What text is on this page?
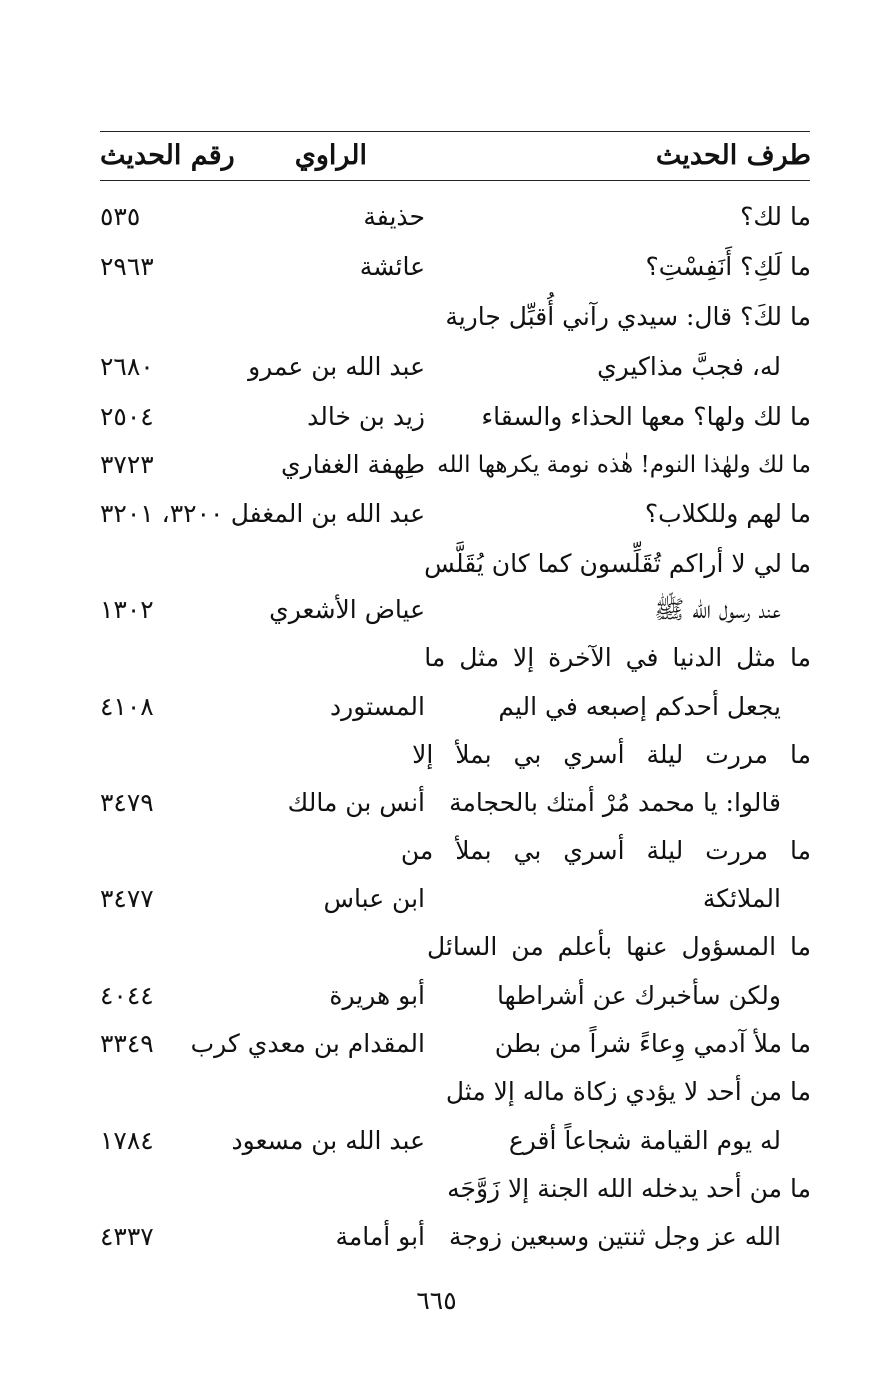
طرف الحديث
الراوي
رقم الحديث
ما لك؟
حذيفة
٥٣٥
ما لَكِ؟ أَنَفِسْتِ؟
عائشة
٢٩٦٣
ما لكَ؟ قال: سيدي رآني أُقبِّل جارية
له، فجبَّ مذاكيري
عبد الله بن عمرو
٢٦٨٠
ما لك ولها؟ معها الحذاء والسقاء
زيد بن خالد
٢٥٠٤
ما لك ولهٰذا النوم! هٰذه نومة يكرهها الله
طِهفة الغفاري
٣٧٢٣
ما لهم وللكلاب؟
عبد الله بن المغفل
٣٢٠٠، ٣٢٠١
ما لي لا أراكم تُقَلِّسون كما كان يُقَلَّس
عند رسول الله ﷺ
عياض الأشعري
١٣٠٢
ما مثل الدنيا في الآخرة إلا مثل ما
يجعل أحدكم إصبعه في اليم
المستورد
٤١٠٨
ما مررت ليلة أسري بي بملأ إلا
قالوا: يا محمد مُرْ أمتك بالحجامة
أنس بن مالك
٣٤٧٩
ما مررت ليلة أسري بي بملأ من
الملائكة
ابن عباس
٣٤٧٧
ما المسؤول عنها بأعلم من السائل
ولكن سأخبرك عن أشراطها
أبو هريرة
٤٠٤٤
ما ملأ آدمي وِعاءً شراً من بطن
المقدام بن معدي كرب
٣٣٤٩
ما من أحد لا يؤدي زكاة ماله إلا مثل
له يوم القيامة شجاعاً أقرع
عبد الله بن مسعود
١٧٨٤
ما من أحد يدخله الله الجنة إلا زَوَّجَه
الله عز وجل ثنتين وسبعين زوجة
أبو أمامة
٤٣٣٧
٦٦٥
